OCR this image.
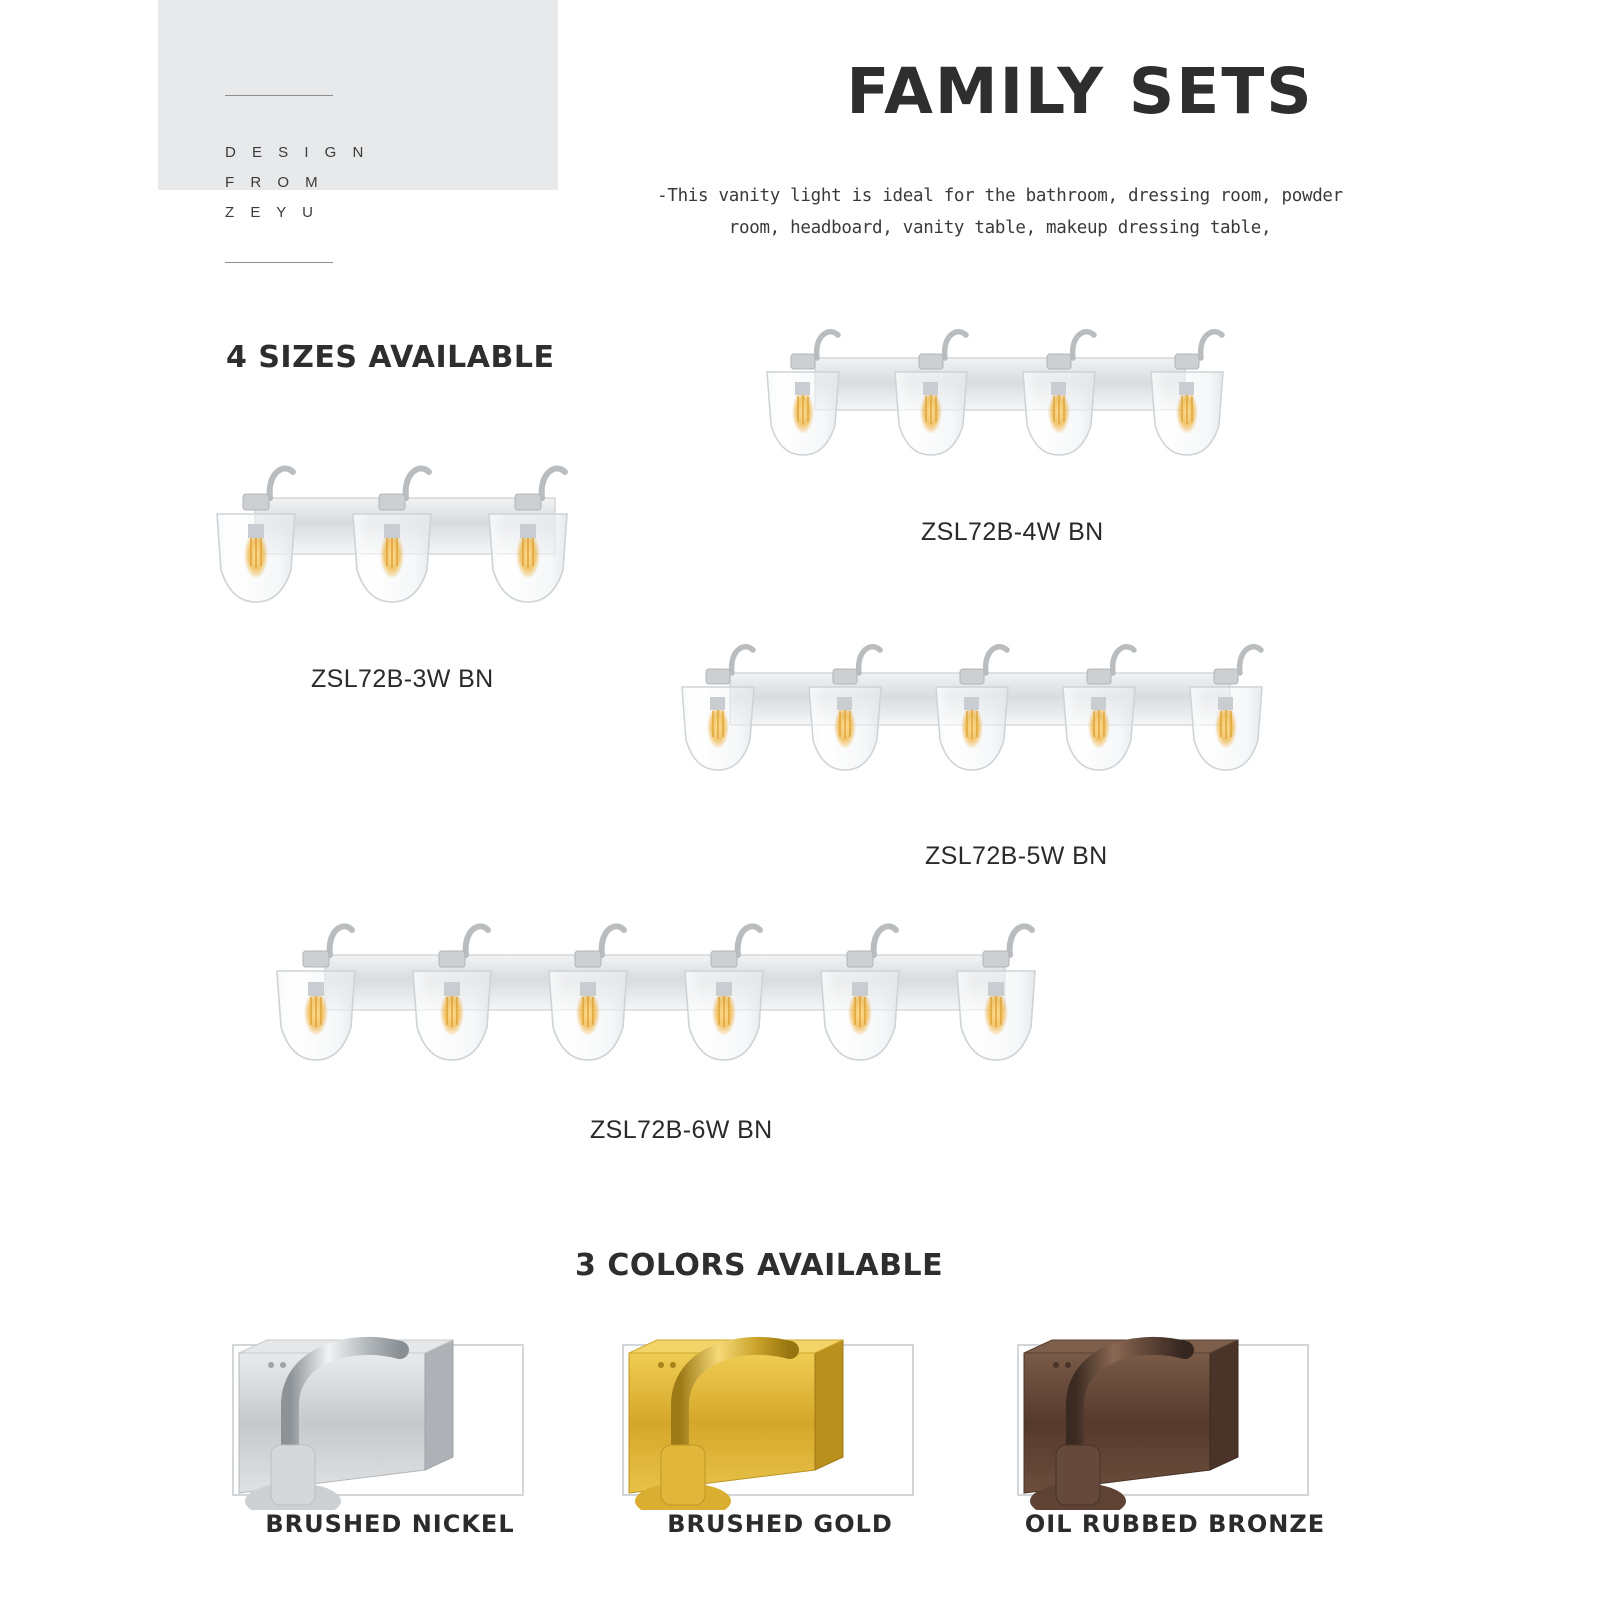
D E S I G N
F R O M
Z E Y U
FAMILY SETS
-This vanity light is ideal for the bathroom, dressing room, powder room, headboard, vanity table, makeup dressing table,
4 SIZES AVAILABLE
3 COLORS AVAILABLE
ZSL72B-3W BN
ZSL72B-4W BN
ZSL72B-5W BN
ZSL72B-6W BN
BRUSHED NICKEL	BRUSHED GOLD	OIL RUBBED BRONZE
